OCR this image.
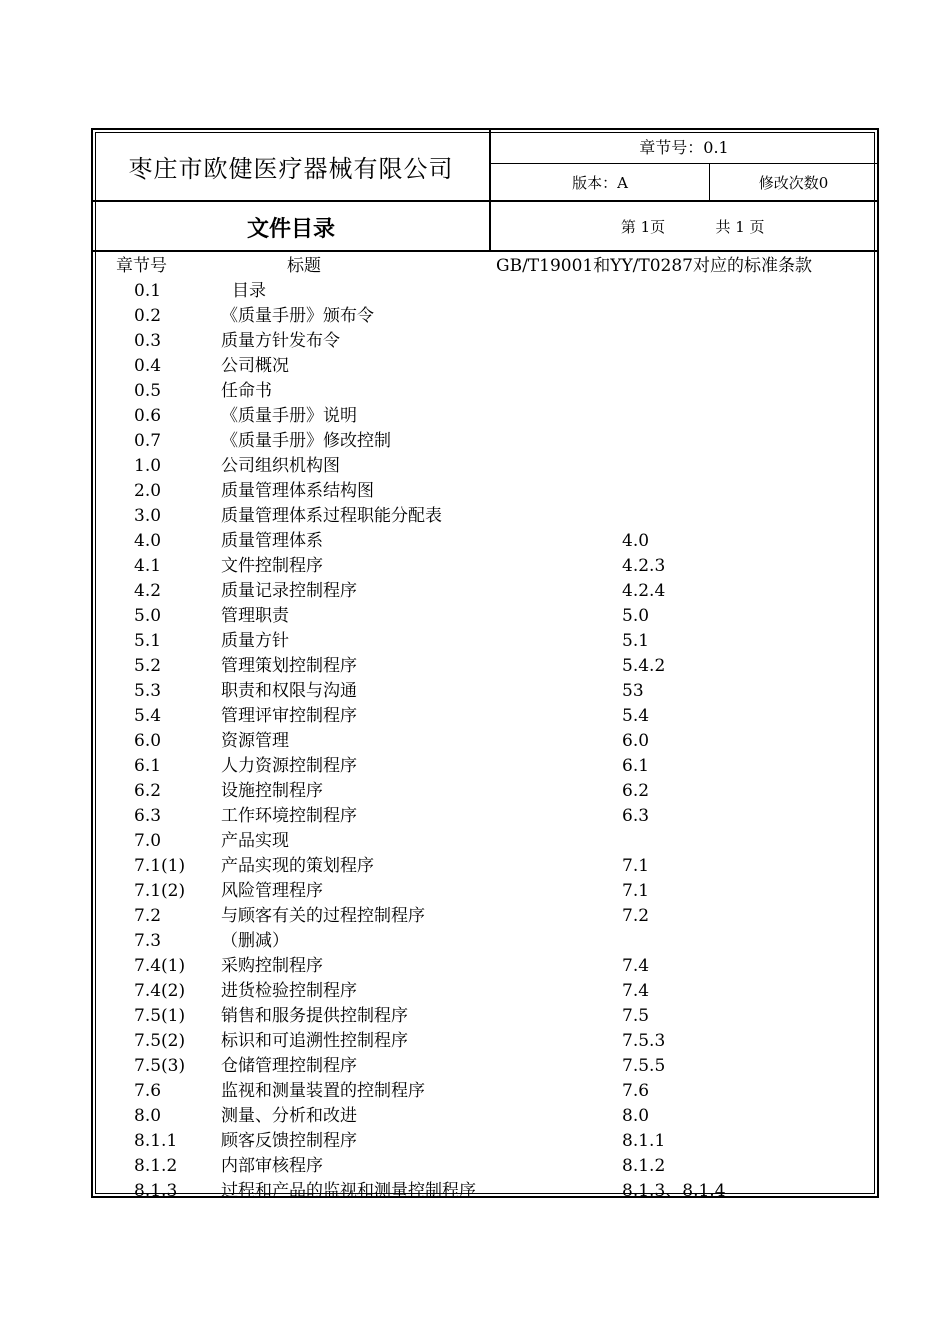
枣庄市欧健医疗器械有限公司
章节号：0.1
版本：A	修改次数0
文件目录	第 1页	共 1 页
章节号	标题	GB/T19001和YY/T0287对应的标准条款
0.1	目录
0.2	《质量手册》颁布令
0.3	质量方针发布令
0.4	公司概况
0.5	任命书
0.6	《质量手册》说明
0.7	《质量手册》修改控制
1.0	公司组织机构图
2.0	质量管理体系结构图
3.0	质量管理体系过程职能分配表
4.0	质量管理体系	4.0
4.1	文件控制程序	4.2.3
4.2	质量记录控制程序	4.2.4
5.0	管理职责	5.0
5.1	质量方针	5.1
5.2	管理策划控制程序	5.4.2
5.3	职责和权限与沟通	53
5.4	管理评审控制程序	5.4
6.0	资源管理	6.0
6.1	人力资源控制程序	6.1
6.2	设施控制程序	6.2
6.3	工作环境控制程序	6.3
7.0	产品实现
7.1(1) 产品实现的策划程序	7.1
7.1(2) 风险管理程序	7.1
7.2	与顾客有关的过程控制程序	7.2
7.3	（删减）
7.4(1) 采购控制程序	7.4
7.4(2) 进货检验控制程序	7.4
7.5(1) 销售和服务提供控制程序	7.5
7.5(2) 标识和可追溯性控制程序	7.5.3
7.5(3) 仓储管理控制程序	7.5.5
7.6	监视和测量装置的控制程序	7.6
8.0	测量、分析和改进	8.0
8.1.1	顾客反馈控制程序	8.1.1
8.1.2	内部审核程序	8.1.2
8.1.3	过程和产品的监视和测量控制程序	8.1.3、8.1.4
